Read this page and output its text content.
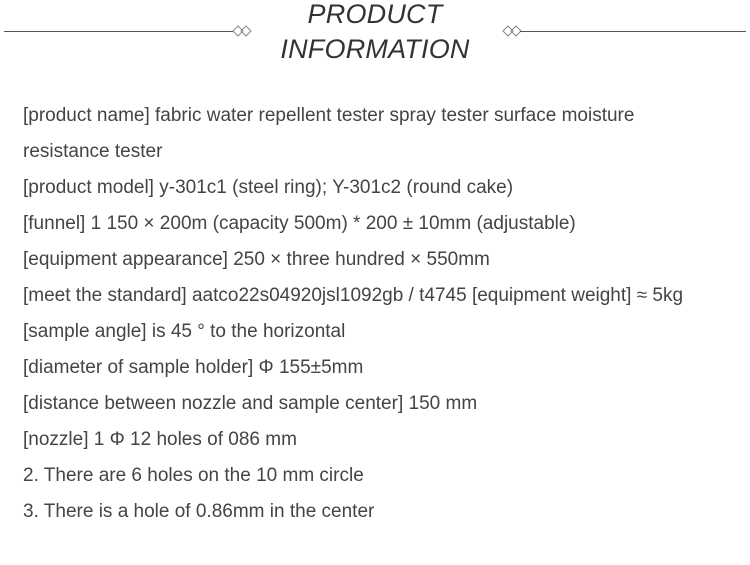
PRODUCT
INFORMATION
[product name] fabric water repellent tester spray tester surface moisture
resistance tester
[product model] y-301c1 (steel ring); Y-301c2 (round cake)
[funnel] 1 150 × 200m (capacity 500m) * 200 ± 10mm (adjustable)
[equipment appearance] 250 × three hundred × 550mm
[meet the standard] aatco22s04920jsl1092gb / t4745 [equipment weight] ≈ 5kg
[sample angle] is 45 ° to the horizontal
[diameter of sample holder] Φ 155±5mm
[distance between nozzle and sample center] 150 mm
[nozzle] 1 Φ 12 holes of 086 mm
2. There are 6 holes on the 10 mm circle
3. There is a hole of 0.86mm in the center
